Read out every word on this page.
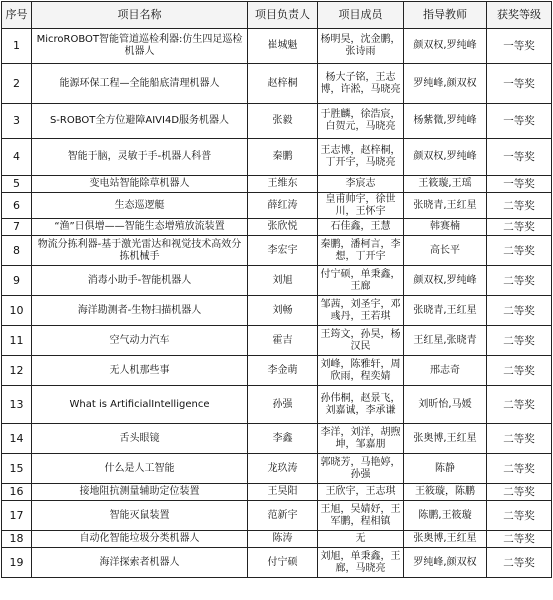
序号	项目名称	项目负责人	项目成员	指导教师	获奖等级
1	MicroROBOT智能管道巡检利器:仿生四足巡检机器人	崔城魁	杨明昊，沈金鹏，张诗雨	颜双权,罗纯峰	一等奖
2	能源环保工程—全能船底清理机器人	赵梓桐	杨大子铭，王志博，许淞，马晓亮	罗纯峰,颜双权	一等奖
3	S-ROBOT全方位避障AIVI4D服务机器人	张毅	于胜麟，徐浩宸，白贺元，马晓亮	杨紫微,罗纯峰	一等奖
4	智能于脑，灵敏于手-机器人科普	秦鹏	王志博，赵梓桐，丁开宇，马晓亮	颜双权,罗纯峰	一等奖
5	变电站智能除草机器人	王维东	李宸志	王筱璇,王瑶	一等奖
6	生态巡逻艇	薛红涛	皇甫帅宇，徐世川，王怀宇	张晓青,王红星	二等奖
7	“渔”日俱增——智能生态增殖放流装置	张欣悦	石佳鑫，王慧	韩赛楠	二等奖
8	物流分拣利器-基于激光雷达和视觉技术高效分拣机械手	李宏宇	秦鹏，潘柯言，李想，丁开宇	高长平	二等奖
9	消毒小助手-智能机器人	刘旭	付宁硕，单秉鑫，王廊	颜双权,罗纯峰	二等奖
10	海洋勘测者-生物扫描机器人	刘畅	邹茜，刘圣宇，邓彧丹，王若琪	张晓青,王红星	二等奖
11	空气动力汽车	霍吉	王筠文，孙昊，杨汉民	王红星,张晓青	二等奖
12	无人机那些事	李金萌	刘峰，陈雅轩，周欣雨，程奕婧	邢志奇	二等奖
13	What is ArtificialIntelligence	孙强	孙伟桐，赵景飞，刘嘉诚，李承谦	刘昕怡,马媛	二等奖
14	舌头眼镜	李鑫	李洋，刘洋，胡煦坤，邹嘉朋	张奥博,王红星	二等奖
15	什么是人工智能	龙玖涛	郭晓芳，马艳婷，孙强	陈静	二等奖
16	接地阻抗测量辅助定位装置	王昊阳	王欣宇，王志琪	王筱璇，陈鹏	二等奖
17	智能灭鼠装置	范新宇	王旭，吴婧妤，王军鹏，程相镇	陈鹏,王筱璇	二等奖
18	自动化智能垃圾分类机器人	陈涛	无	张奥博,王红星	二等奖
19	海洋探索者机器人	付宁硕	刘旭，单秉鑫，王廊，马晓亮	罗纯峰,颜双权	二等奖
